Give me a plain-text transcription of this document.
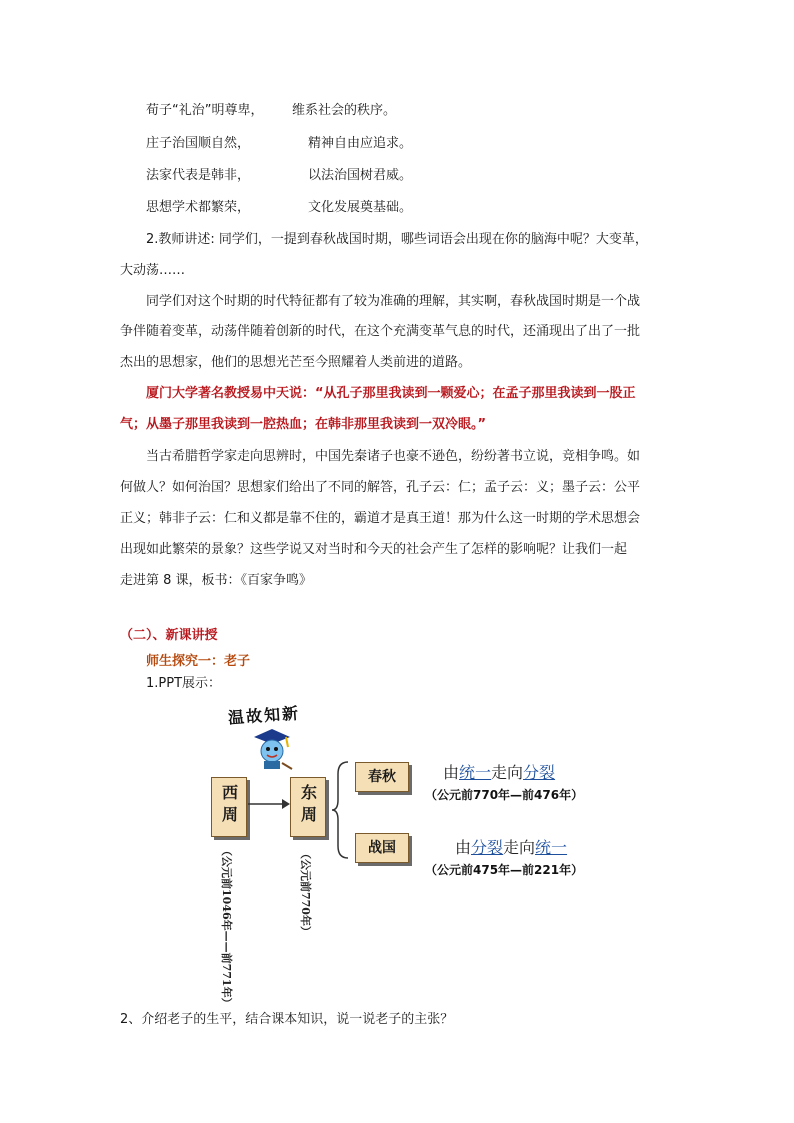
荀子“礼治”明尊卑， 维系社会的秩序。
庄子治国顺自然，	精神自由应追求。
法家代表是韩非，	以法治国树君威。
思想学术都繁荣，	文化发展奠基础。
2.教师讲述: 同学们，一提到春秋战国时期，哪些词语会出现在你的脑海中呢？大变革，
大动荡……
同学们对这个时期的时代特征都有了较为准确的理解，其实啊，春秋战国时期是一个战
争伴随着变革，动荡伴随着创新的时代，在这个充满变革气息的时代，还涌现出了出了一批
杰出的思想家，他们的思想光芒至今照耀着人类前进的道路。
厦门大学著名教授易中天说：“从孔子那里我读到一颗爱心；在孟子那里我读到一股正
气；从墨子那里我读到一腔热血；在韩非那里我读到一双冷眼。”
当古希腊哲学家走向思辨时，中国先秦诸子也豪不逊色，纷纷著书立说，竞相争鸣。如
何做人？如何治国？思想家们给出了不同的解答，孔子云：仁；孟子云：义；墨子云：公平
正义；韩非子云：仁和义都是靠不住的，霸道才是真王道！那为什么这一时期的学术思想会
出现如此繁荣的景象？这些学说又对当时和今天的社会产生了怎样的影响呢？让我们一起
走进第 8 课，板书：《百家争鸣》
（二）、新课讲授
师生探究一：老子
1.PPT展示：
温故知新
西周	东周
春秋
战国
由统一走向分裂
（公元前770年—前476年）
由分裂走向统一
（公元前475年—前221年）
（公元前1046年——前771年）	（公元前770年）
2、介绍老子的生平，结合课本知识，说一说老子的主张？
